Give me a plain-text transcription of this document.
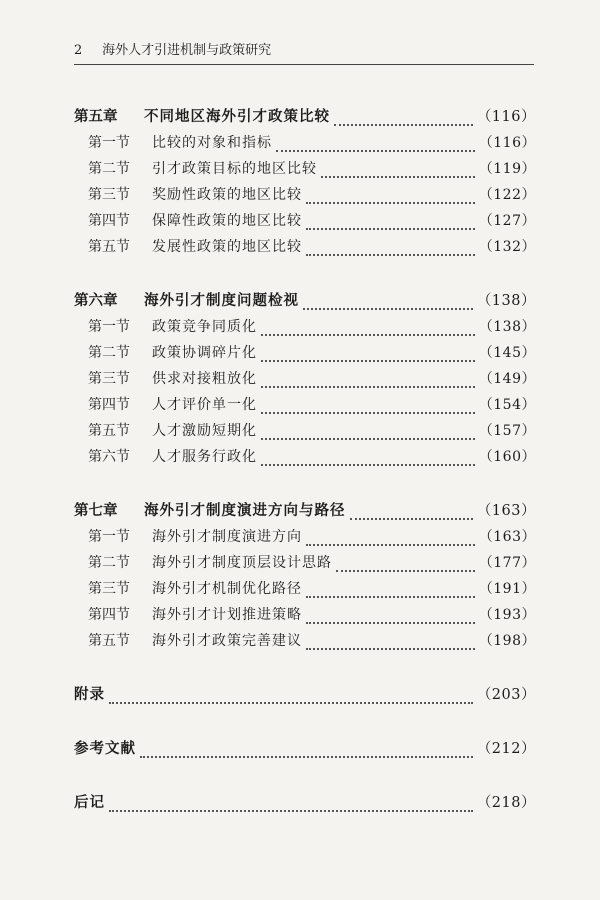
2 海外人才引进机制与政策研究
第五章 不同地区海外引才政策比较	（116）
第一节 比较的对象和指标	（116）
第二节 引才政策目标的地区比较	（119）
第三节 奖励性政策的地区比较	（122）
第四节 保障性政策的地区比较	（127）
第五节 发展性政策的地区比较	（132）
第六章 海外引才制度问题检视	（138）
第一节 政策竞争同质化	（138）
第二节 政策协调碎片化	（145）
第三节 供求对接粗放化	（149）
第四节 人才评价单一化	（154）
第五节 人才激励短期化	（157）
第六节 人才服务行政化	（160）
第七章 海外引才制度演进方向与路径	（163）
第一节 海外引才制度演进方向	（163）
第二节 海外引才制度顶层设计思路	（177）
第三节 海外引才机制优化路径	（191）
第四节 海外引才计划推进策略	（193）
第五节 海外引才政策完善建议	（198）
附录	（203）
参考文献	（212）
后记	（218）
